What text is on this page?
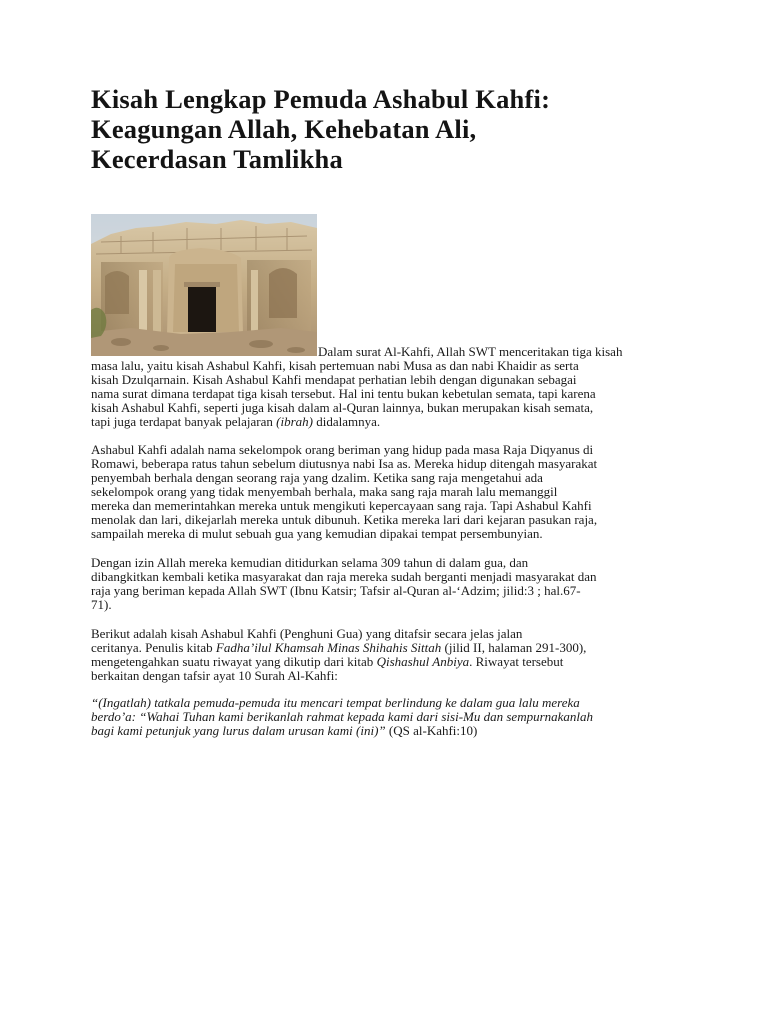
Kisah Lengkap Pemuda Ashabul Kahfi:
Keagungan Allah, Kehebatan Ali,
Kecerdasan Tamlikha
Dalam surat Al-Kahfi, Allah SWT menceritakan tiga kisah
masa lalu, yaitu kisah Ashabul Kahfi, kisah pertemuan nabi Musa as dan nabi Khaidir as serta
kisah Dzulqarnain. Kisah Ashabul Kahfi mendapat perhatian lebih dengan digunakan sebagai
nama surat dimana terdapat tiga kisah tersebut. Hal ini tentu bukan kebetulan semata, tapi karena
kisah Ashabul Kahfi, seperti juga kisah dalam al-Quran lainnya, bukan merupakan kisah semata,
tapi juga terdapat banyak pelajaran (ibrah) didalamnya.
Ashabul Kahfi adalah nama sekelompok orang beriman yang hidup pada masa Raja Diqyanus di
Romawi, beberapa ratus tahun sebelum diutusnya nabi Isa as. Mereka hidup ditengah masyarakat
penyembah berhala dengan seorang raja yang dzalim. Ketika sang raja mengetahui ada
sekelompok orang yang tidak menyembah berhala, maka sang raja marah lalu memanggil
mereka dan memerintahkan mereka untuk mengikuti kepercayaan sang raja. Tapi Ashabul Kahfi
menolak dan lari, dikejarlah mereka untuk dibunuh. Ketika mereka lari dari kejaran pasukan raja,
sampailah mereka di mulut sebuah gua yang kemudian dipakai tempat persembunyian.
Dengan izin Allah mereka kemudian ditidurkan selama 309 tahun di dalam gua, dan
dibangkitkan kembali ketika masyarakat dan raja mereka sudah berganti menjadi masyarakat dan
raja yang beriman kepada Allah SWT (Ibnu Katsir; Tafsir al-Quran al-‘Adzim; jilid:3 ; hal.67-
71).
Berikut adalah kisah Ashabul Kahfi (Penghuni Gua) yang ditafsir secara jelas jalan
ceritanya. Penulis kitab Fadha’ilul Khamsah Minas Shihahis Sittah (jilid II, halaman 291-300),
mengetengahkan suatu riwayat yang dikutip dari kitab Qishashul Anbiya. Riwayat tersebut
berkaitan dengan tafsir ayat 10 Surah Al-Kahfi:
“(Ingatlah) tatkala pemuda-pemuda itu mencari tempat berlindung ke dalam gua lalu mereka
berdo’a: “Wahai Tuhan kami berikanlah rahmat kepada kami dari sisi-Mu dan sempurnakanlah
bagi kami petunjuk yang lurus dalam urusan kami (ini)” (QS al-Kahfi:10)
